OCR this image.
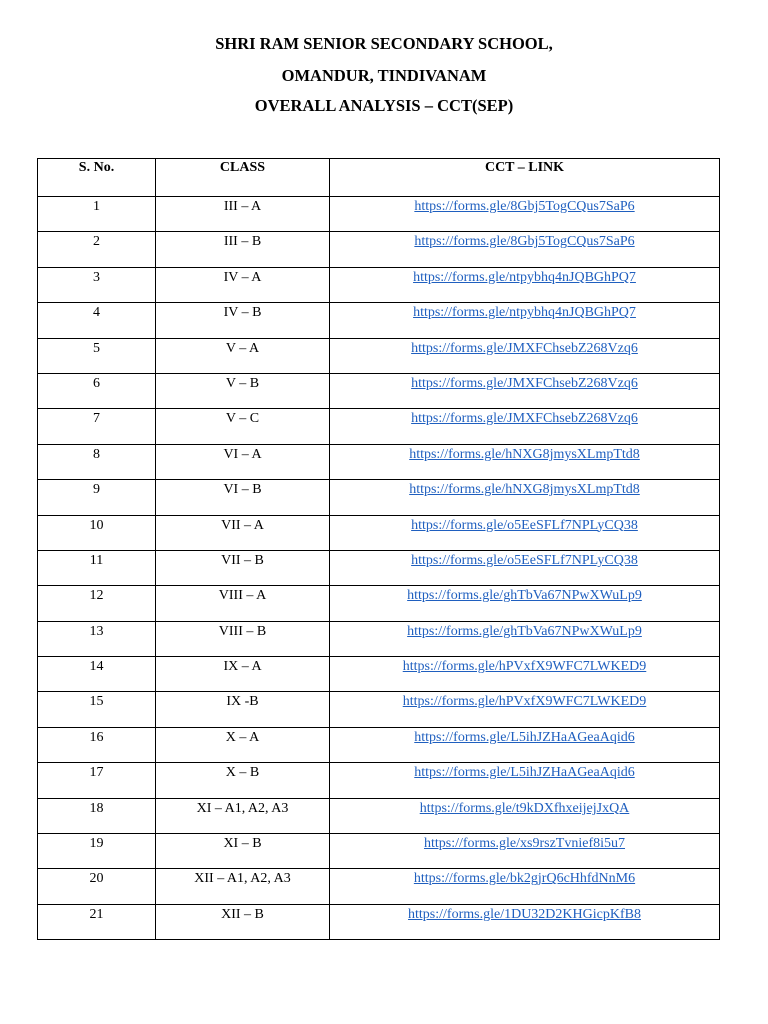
SHRI RAM SENIOR SECONDARY SCHOOL,
OMANDUR, TINDIVANAM
OVERALL ANALYSIS – CCT(SEP)
S. No.	CLASS	CCT – LINK
1	III – A	https://forms.gle/8Gbj5TogCQus7SaP6
2	III – B	https://forms.gle/8Gbj5TogCQus7SaP6
3	IV – A	https://forms.gle/ntpybhq4nJQBGhPQ7
4	IV – B	https://forms.gle/ntpybhq4nJQBGhPQ7
5	V – A	https://forms.gle/JMXFChsebZ268Vzq6
6	V – B	https://forms.gle/JMXFChsebZ268Vzq6
7	V – C	https://forms.gle/JMXFChsebZ268Vzq6
8	VI – A	https://forms.gle/hNXG8jmysXLmpTtd8
9	VI – B	https://forms.gle/hNXG8jmysXLmpTtd8
10	VII – A	https://forms.gle/o5EeSFLf7NPLyCQ38
11	VII – B	https://forms.gle/o5EeSFLf7NPLyCQ38
12	VIII – A	https://forms.gle/ghTbVa67NPwXWuLp9
13	VIII – B	https://forms.gle/ghTbVa67NPwXWuLp9
14	IX – A	https://forms.gle/hPVxfX9WFC7LWKED9
15	IX -B	https://forms.gle/hPVxfX9WFC7LWKED9
16	X – A	https://forms.gle/L5ihJZHaAGeaAqid6
17	X – B	https://forms.gle/L5ihJZHaAGeaAqid6
18	XI – A1, A2, A3	https://forms.gle/t9kDXfhxeijejJxQA
19	XI – B	https://forms.gle/xs9rszTvnief8i5u7
20	XII – A1, A2, A3	https://forms.gle/bk2gjrQ6cHhfdNnM6
21	XII – B	https://forms.gle/1DU32D2KHGicpKfB8
